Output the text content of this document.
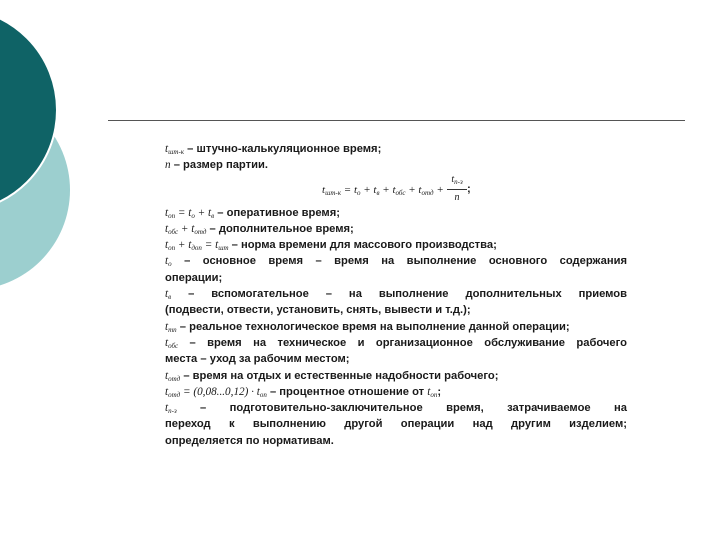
$t_{шт-к}$ – штучно-калькуляционное время;
n – размер партии.
$t_{шт-к} = t_о + t_в + t_{обс} + t_{отд}$ +
$t_{п-з}$
n
;
$t_{оп} = t_о + t_в$ – оперативное время;
$t_{обс} + t_{отд}$ – дополнительное время;
$t_{оп} + t_{доп} = t_{шт}$ – норма времени для массового производства;
$t_о$ – основное время – время на выполнение основного содержания
операции;
$t_в$ – вспомогательное – на выполнение дополнительных приемов
(подвести, отвести, установить, снять, вывести и т.д.);
$t_{тп}$ – реальное технологическое время на выполнение данной операции;
$t_{обс}$ – время на техническое и организационное обслуживание рабочего
места – уход за рабочим местом;
$t_{отд}$ – время на отдых и естественные надобности рабочего;
$t_{отд} = (0,08...0,12) \cdot t_{оп}$ – процентное отношение от $t_{оп}$;
$t_{п-з}$ – подготовительно-заключительное время, затрачиваемое на
переход к выполнению другой операции над другим изделием;
определяется по нормативам.
